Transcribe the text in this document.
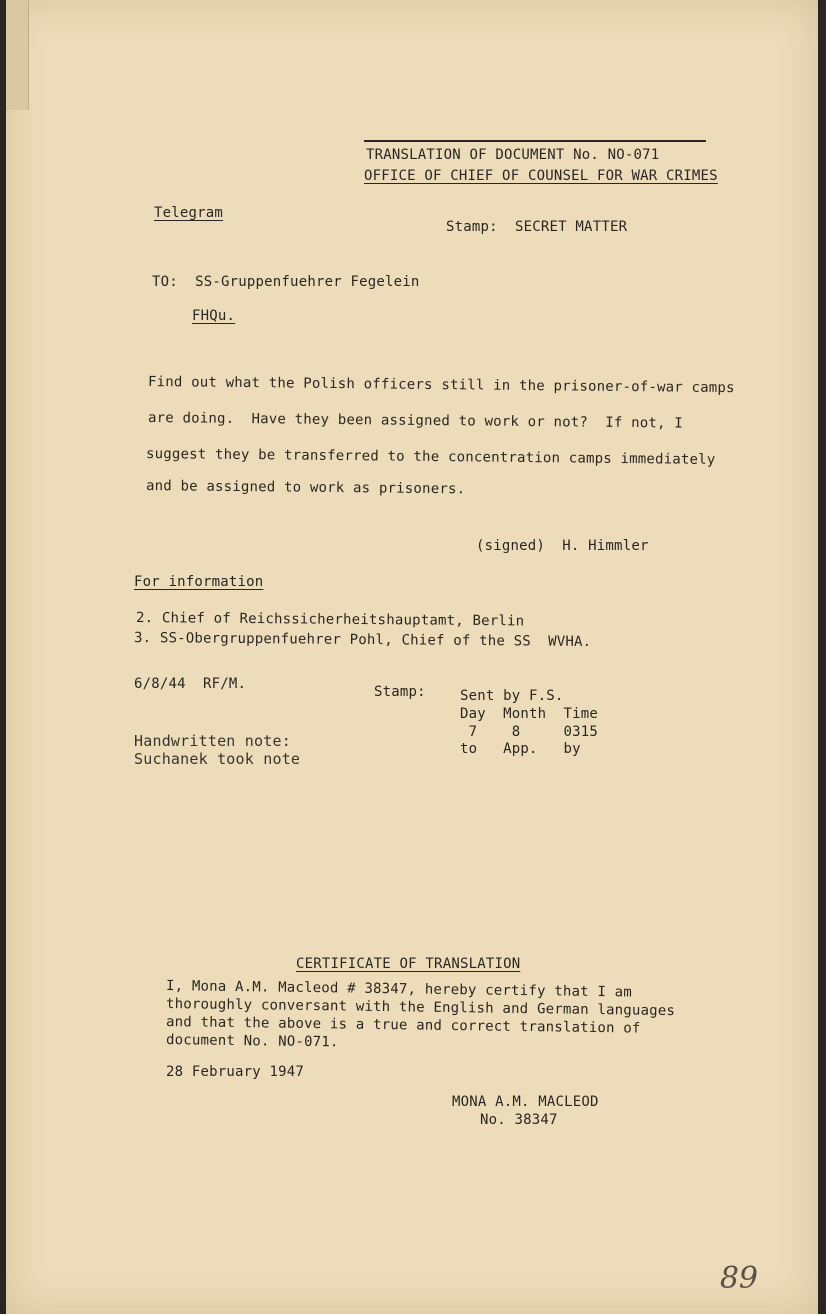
TRANSLATION OF DOCUMENT No. NO-071
OFFICE OF CHIEF OF COUNSEL FOR WAR CRIMES
Telegram
Stamp:  SECRET MATTER
TO:  SS-Gruppenfuehrer Fegelein
FHQu.
Find out what the Polish officers still in the prisoner-of-war camps
are doing.  Have they been assigned to work or not?  If not, I
suggest they be transferred to the concentration camps immediately
and be assigned to work as prisoners.
(signed)  H. Himmler
For information
2. Chief of Reichssicherheitshauptamt, Berlin
3. SS-Obergruppenfuehrer Pohl, Chief of the SS  WVHA.
6/8/44  RF/M.	Stamp: Sent by F.S.
Day  Month  Time
7    8     0315
to   App.   by
Handwritten note:
Suchanek took note
CERTIFICATE OF TRANSLATION
I, Mona A.M. Macleod # 38347, hereby certify that I am
thoroughly conversant with the English and German languages
and that the above is a true and correct translation of
document No. NO-071.
28 February 1947
MONA A.M. MACLEOD
No. 38347
89
